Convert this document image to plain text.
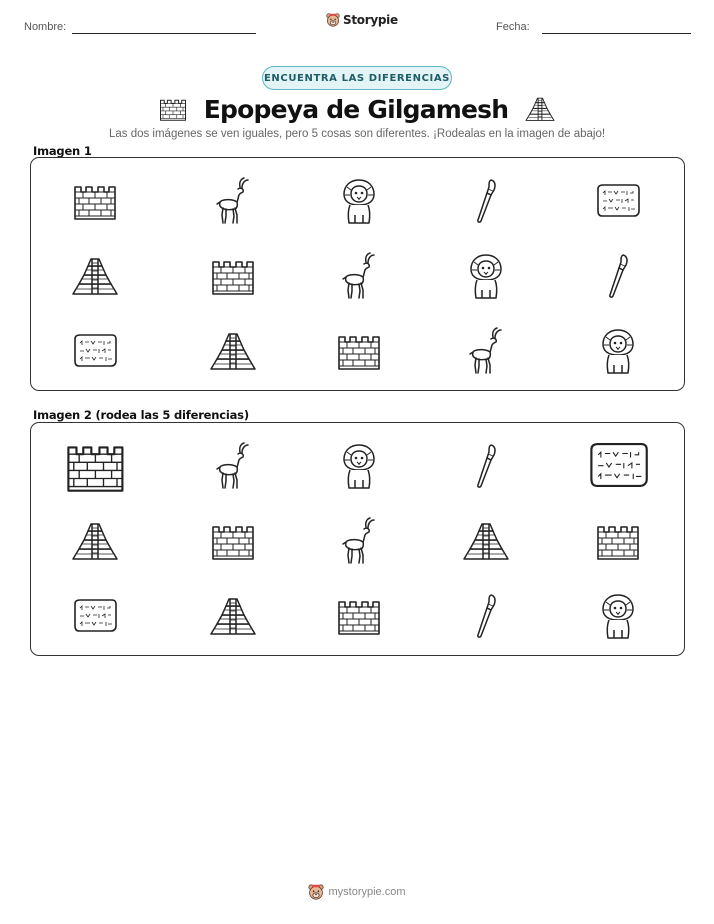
Nombre:	Storypie	Fecha:
ENCUENTRA LAS DIFERENCIAS
Epopeya de Gilgamesh
Las dos imágenes se ven iguales, pero 5 cosas son diferentes. ¡Rodealas en la imagen de abajo!
Imagen 1
Imagen 2 (rodea las 5 diferencias)
mystorypie.com
